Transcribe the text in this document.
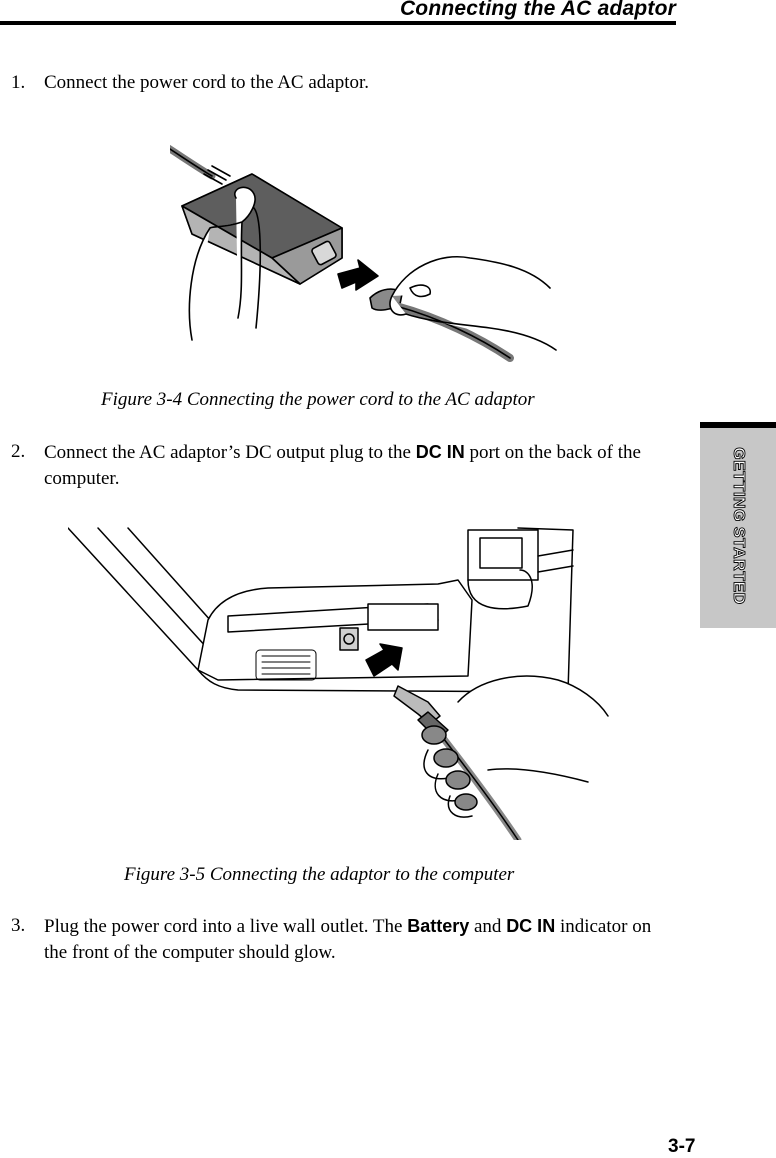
Connecting the AC adaptor
1. Connect the power cord to the AC adaptor.
Figure 3-4 Connecting the power cord to the AC adaptor
2. Connect the AC adaptor’s DC output plug to the DC IN port on the back of the computer.
Figure 3-5 Connecting the adaptor to the computer
3. Plug the power cord into a live wall outlet. The Battery and DC IN indicator on the front of the computer should glow.
GETTING STARTED
3-7
